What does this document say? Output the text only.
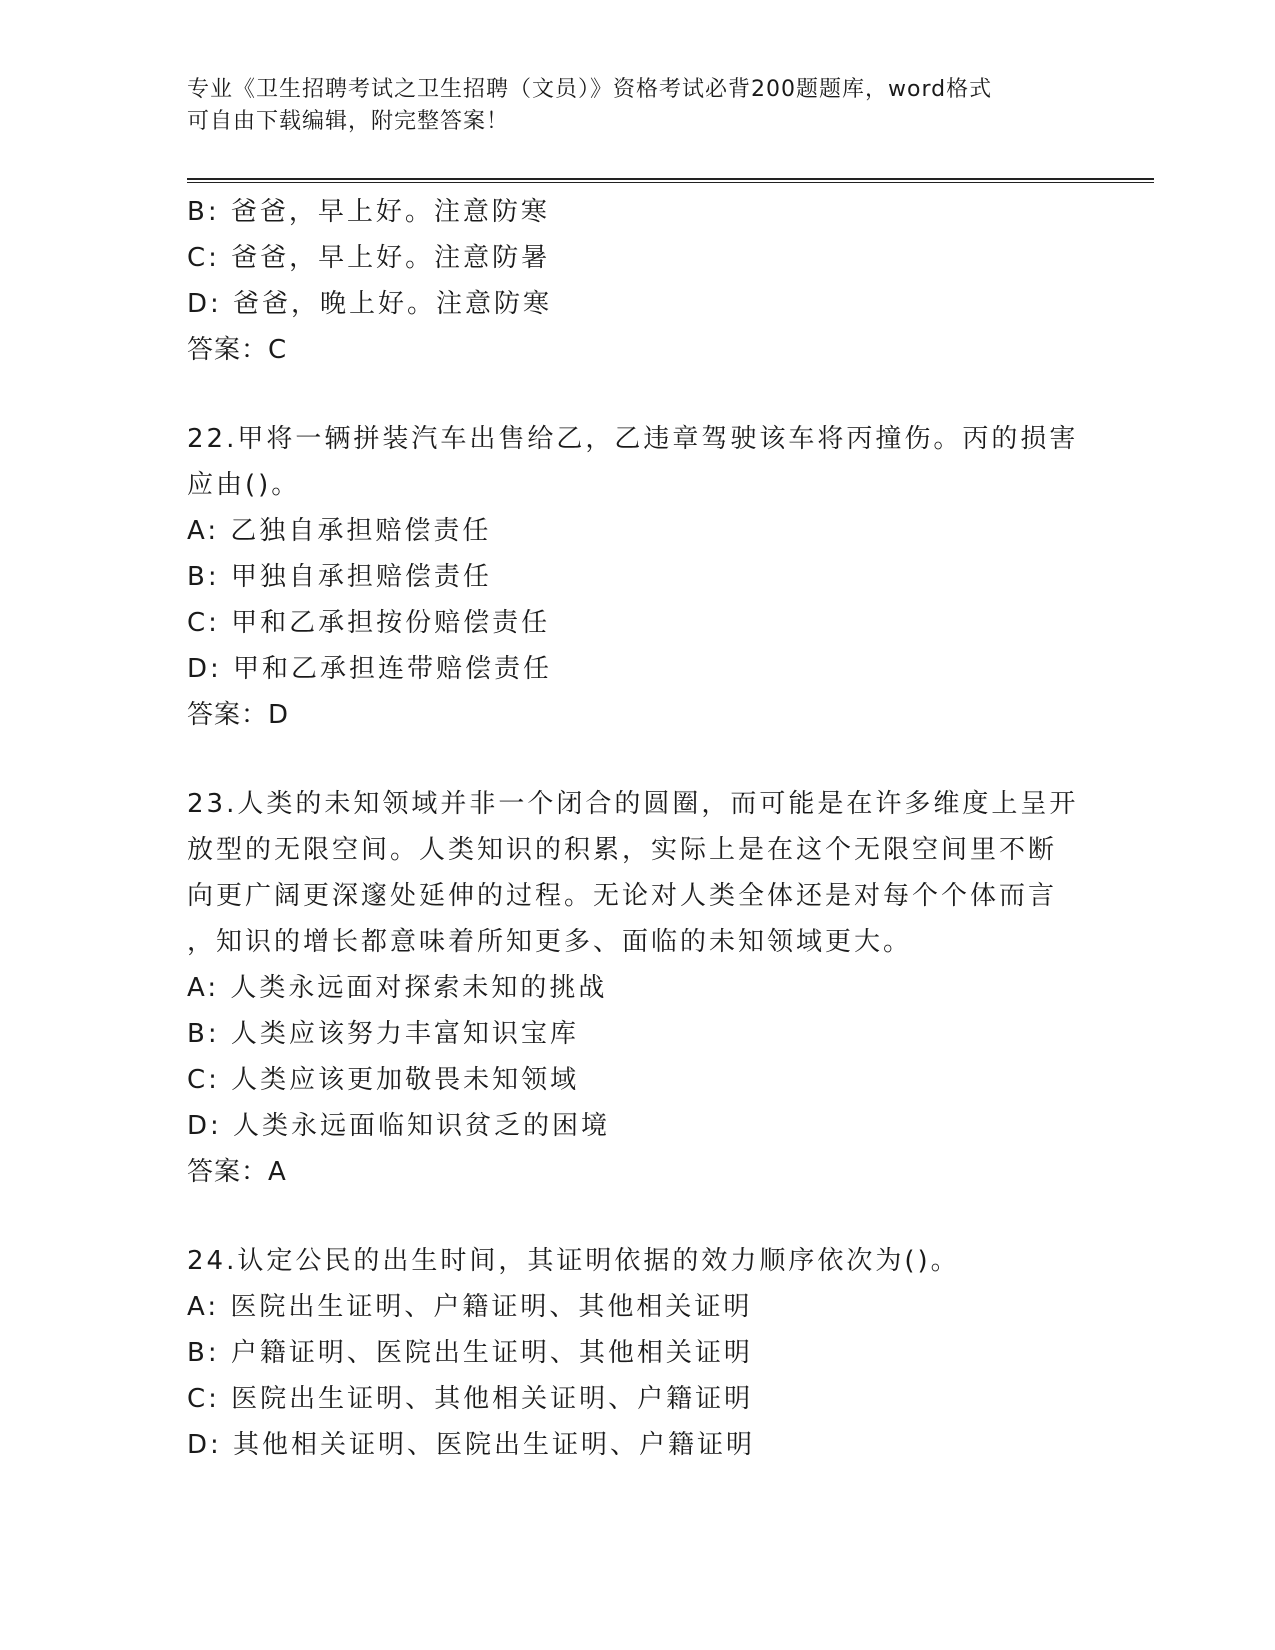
专业《卫生招聘考试之卫生招聘（文员）》资格考试必背200题题库，word格式
可自由下载编辑，附完整答案！
B: 爸爸，早上好。注意防寒
C: 爸爸，早上好。注意防暑
D: 爸爸，晚上好。注意防寒
答案：C
22.甲将一辆拼装汽车出售给乙，乙违章驾驶该车将丙撞伤。丙的损害
应由()。
A: 乙独自承担赔偿责任
B: 甲独自承担赔偿责任
C: 甲和乙承担按份赔偿责任
D: 甲和乙承担连带赔偿责任
答案：D
23.人类的未知领域并非一个闭合的圆圈，而可能是在许多维度上呈开
放型的无限空间。人类知识的积累，实际上是在这个无限空间里不断
向更广阔更深邃处延伸的过程。无论对人类全体还是对每个个体而言
，知识的增长都意味着所知更多、面临的未知领域更大。
A: 人类永远面对探索未知的挑战
B: 人类应该努力丰富知识宝库
C: 人类应该更加敬畏未知领域
D: 人类永远面临知识贫乏的困境
答案：A
24.认定公民的出生时间，其证明依据的效力顺序依次为()。
A: 医院出生证明、户籍证明、其他相关证明
B: 户籍证明、医院出生证明、其他相关证明
C: 医院出生证明、其他相关证明、户籍证明
D: 其他相关证明、医院出生证明、户籍证明
